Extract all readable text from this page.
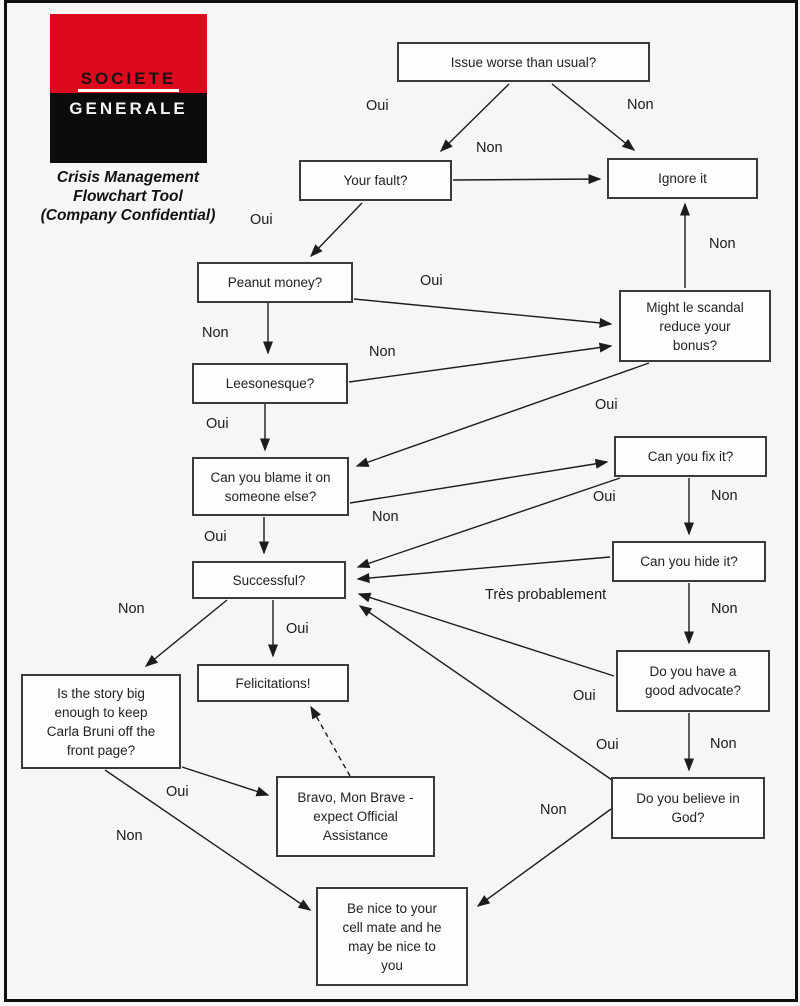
SOCIETE
GENERALE
Crisis Management
Flowchart Tool
(Company Confidential)
Issue worse than usual?
Your fault?	Ignore it
Peanut money?
Might le scandal reduce your bonus?
Leesonesque?
Can you blame it on someone else?
Can you fix it?
Can you hide it?
Successful?
Do you have a good advocate?
Is the story big enough to keep Carla Bruni off the front page?
Felicitations!
Bravo, Mon Brave - expect Official Assistance
Do you believe in God?
Be nice to your cell mate and he may be nice to you
Oui	Non
Non
Oui
Non
Oui
Non
Oui
Non
Oui
Non
Oui
Non
Oui
Très probablement
Non
Oui
Non
Oui
Non
Non
Oui
Oui
Non
